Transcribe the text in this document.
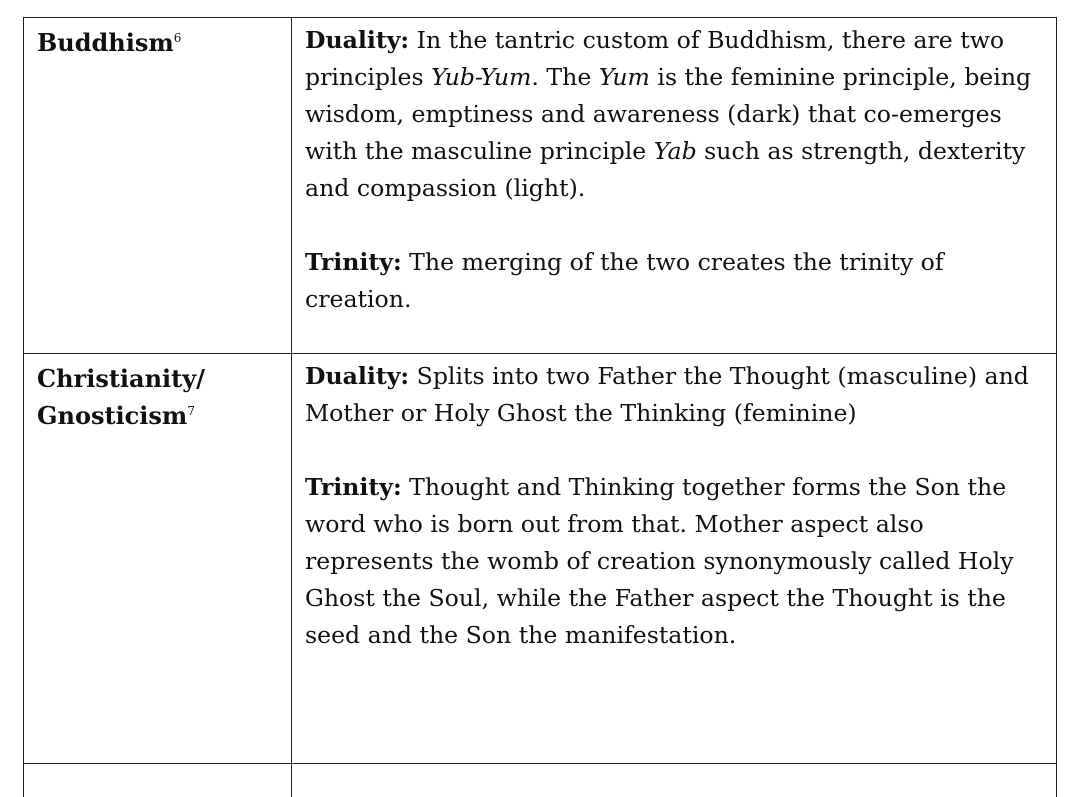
Buddhism$^6$	Duality: In the tantric custom of Buddhism, there are two principles Yub-Yum. The Yum is the feminine principle, being wisdom, emptiness and awareness (dark) that co-emerges with the masculine principle Yab such as strength, dexterity and compassion (light).

Trinity: The merging of the two creates the trinity of creation.

Christianity/
Gnosticism$^7$

Duality: Splits into two Father the Thought (masculine) and Mother or Holy Ghost the Thinking (feminine)

Trinity: Thought and Thinking together forms the Son the word who is born out from that. Mother aspect also represents the womb of creation synonymously called Holy Ghost the Soul, while the Father aspect the Thought is the seed and the Son the manifestation.
